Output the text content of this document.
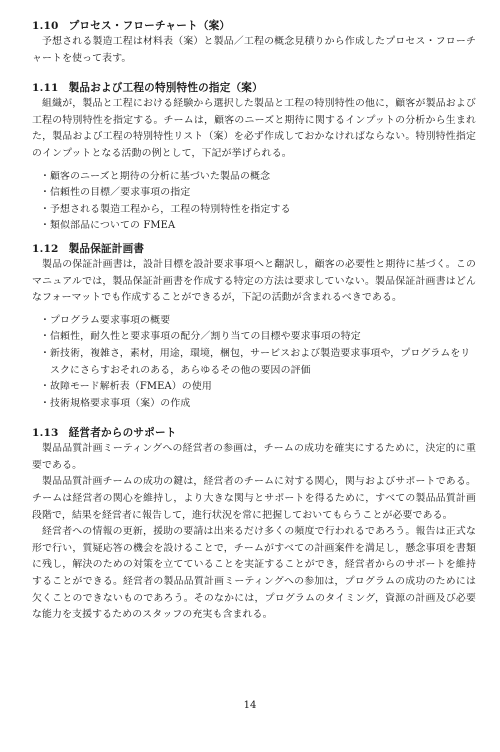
1.10 プロセス・フローチャート（案）

予想される製造工程は材料表（案）と製品／工程の概念見積りから作成したプロセス・フローチャートを使って表す。

1.11 製品および工程の特別特性の指定（案）

組織が，製品と工程における経験から選択した製品と工程の特別特性の他に，顧客が製品および工程の特別特性を指定する。チームは，顧客のニーズと期待に関するインプットの分析から生まれた，製品および工程の特別特性リスト（案）を必ず作成しておかなければならない。特別特性指定のインプットとなる活動の例として，下記が挙げられる。

・ 顧客のニーズと期待の分析に基づいた製品の概念
・ 信頼性の目標／要求事項の指定
・ 予想される製造工程から，工程の特別特性を指定する
・ 類似部品についての FMEA
1.12 製品保証計画書

製品の保証計画書は，設計目標を設計要求事項へと翻訳し，顧客の必要性と期待に基づく。このマニュアルでは，製品保証計画書を作成する特定の方法は要求していない。製品保証計画書はどんなフォーマットでも作成することができるが，下記の活動が含まれるべきである。

・ プログラム要求事項の概要
・ 信頼性，耐久性と要求事項の配分／割り当ての目標や要求事項の特定
・ 新技術，複雑さ，素材，用途，環境，梱包，サービスおよび製造要求事項や，プログラムをリスクにさらすおそれのある，あらゆるその他の要因の評価
・ 故障モード解析表（FMEA）の使用
・ 技術規格要求事項（案）の作成
1.13 経営者からのサポート

製品品質計画ミーティングへの経営者の参画は，チームの成功を確実にするために，決定的に重要である。

製品品質計画チームの成功の鍵は，経営者のチームに対する関心，関与およびサポートである。チームは経営者の関心を維持し，より大きな関与とサポートを得るために，すべての製品品質計画段階で，結果を経営者に報告して，進行状況を常に把握しておいてもらうことが必要である。

経営者への情報の更新，援助の要請は出来るだけ多くの頻度で行われるであろう。報告は正式な形で行い，質疑応答の機会を設けることで，チームがすべての計画案件を満足し，懸念事項を書類に残し，解決のための対策を立てていることを実証することができ，経営者からのサポートを維持することができる。経営者の製品品質計画ミーティングへの参加は，プログラムの成功のためには欠くことのできないものであろう。そのなかには，プログラムのタイミング，資源の計画及び必要な能力を支援するためのスタッフの充実も含まれる。

14
